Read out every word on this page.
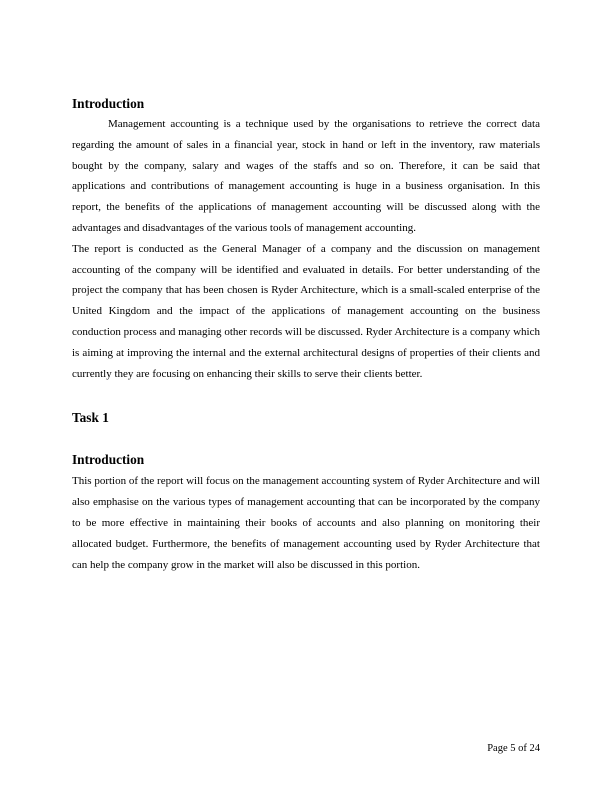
Introduction

Management accounting is a technique used by the organisations to retrieve the correct data regarding the amount of sales in a financial year, stock in hand or left in the inventory, raw materials bought by the company, salary and wages of the staffs and so on. Therefore, it can be said that applications and contributions of management accounting is huge in a business organisation. In this report, the benefits of the applications of management accounting will be discussed along with the advantages and disadvantages of the various tools of management accounting.

The report is conducted as the General Manager of a company and the discussion on management accounting of the company will be identified and evaluated in details. For better understanding of the project the company that has been chosen is Ryder Architecture, which is a small-scaled enterprise of the United Kingdom and the impact of the applications of management accounting on the business conduction process and managing other records will be discussed. Ryder Architecture is a company which is aiming at improving the internal and the external architectural designs of properties of their clients and currently they are focusing on enhancing their skills to serve their clients better.

Task 1
Introduction

This portion of the report will focus on the management accounting system of Ryder Architecture and will also emphasise on the various types of management accounting that can be incorporated by the company to be more effective in maintaining their books of accounts and also planning on monitoring their allocated budget. Furthermore, the benefits of management accounting used by Ryder Architecture that can help the company grow in the market will also be discussed in this portion.

Page 5 of 24
